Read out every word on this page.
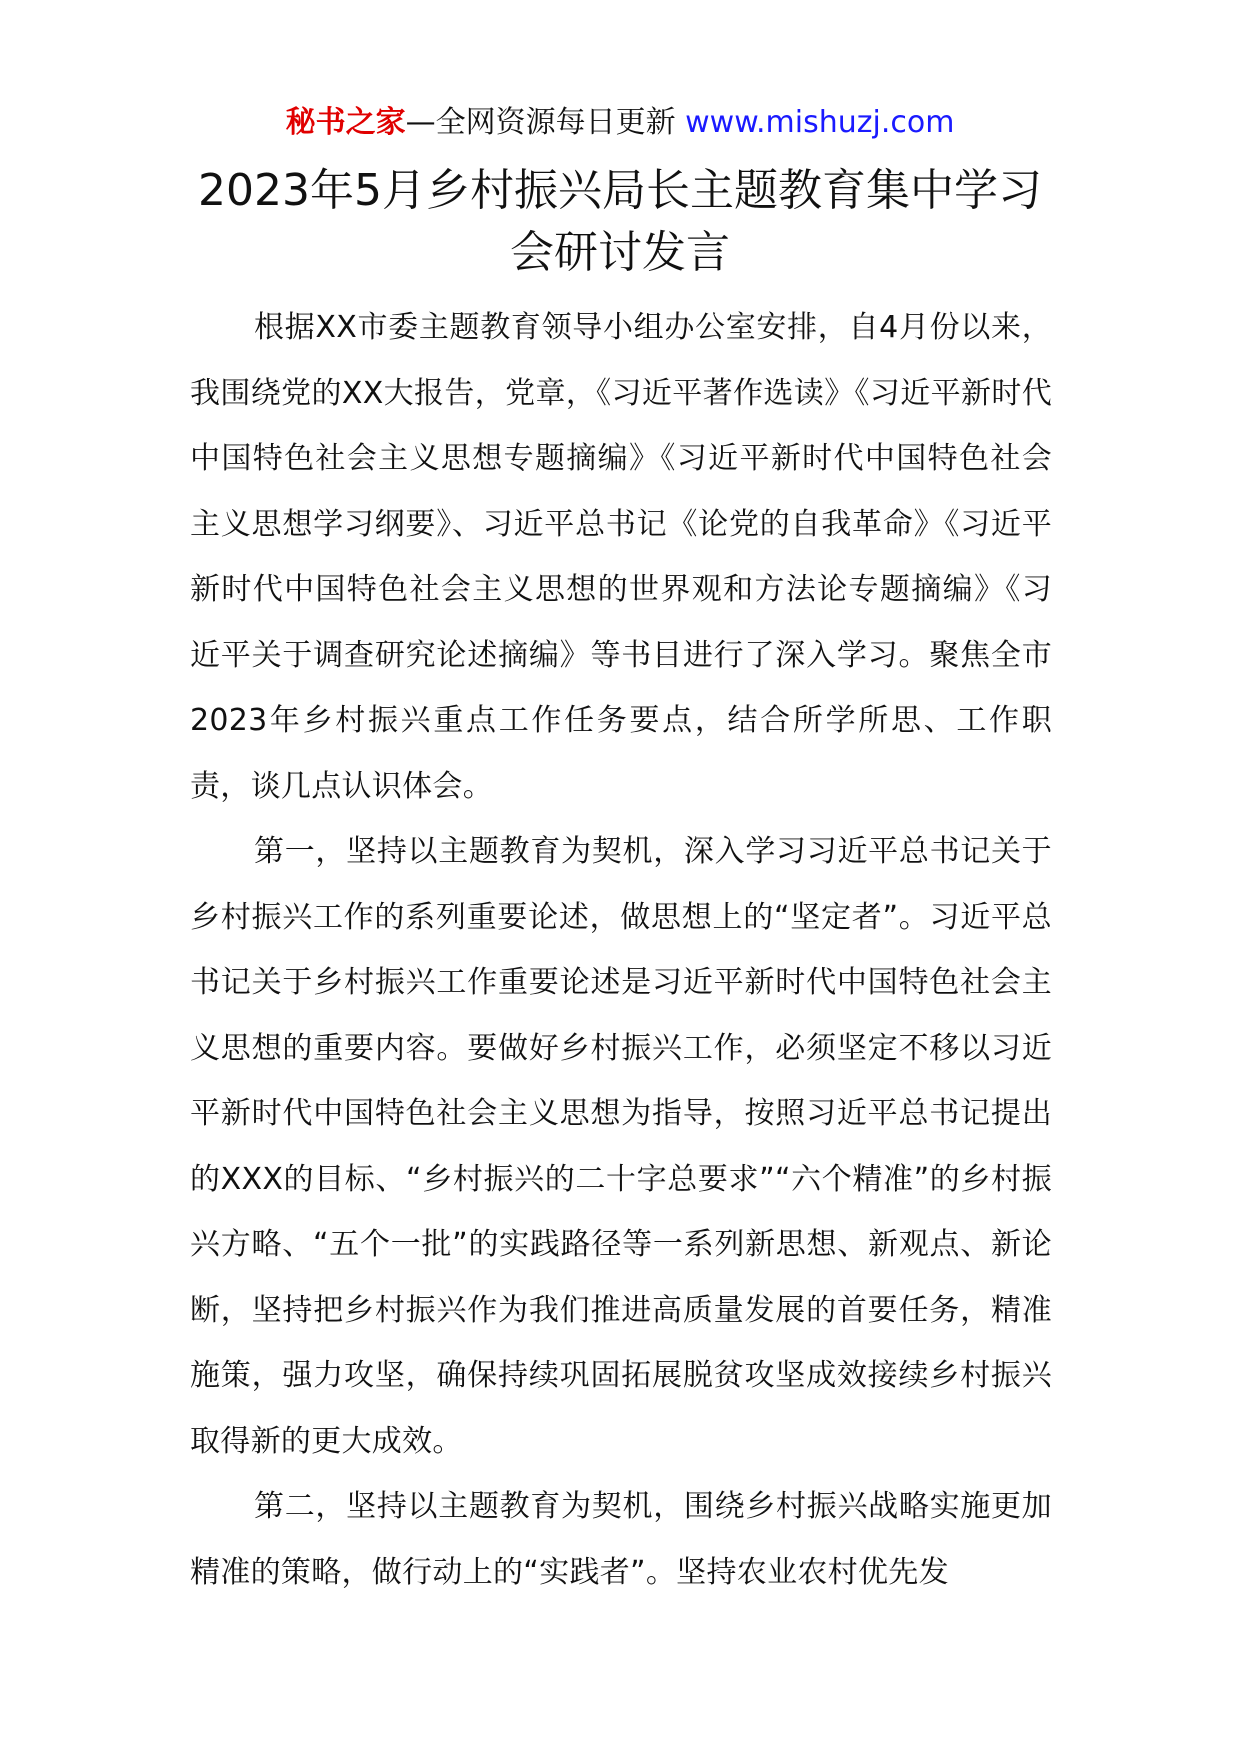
秘书之家—全网资源每日更新 www.mishuzj.com
2023年5月乡村振兴局长主题教育集中学习会研讨发言

根据XX市委主题教育领导小组办公室安排，自4月份以来，我围绕党的XX大报告，党章，《习近平著作选读》《习近平新时代中国特色社会主义思想专题摘编》《习近平新时代中国特色社会主义思想学习纲要》、习近平总书记《论党的自我革命》《习近平新时代中国特色社会主义思想的世界观和方法论专题摘编》《习近平关于调查研究论述摘编》等书目进行了深入学习。聚焦全市2023年乡村振兴重点工作任务要点，结合所学所思、工作职责，谈几点认识体会。

第一，坚持以主题教育为契机，深入学习习近平总书记关于乡村振兴工作的系列重要论述，做思想上的“坚定者”。习近平总书记关于乡村振兴工作重要论述是习近平新时代中国特色社会主义思想的重要内容。要做好乡村振兴工作，必须坚定不移以习近平新时代中国特色社会主义思想为指导，按照习近平总书记提出的XXX的目标、“乡村振兴的二十字总要求”“六个精准”的乡村振兴方略、“五个一批”的实践路径等一系列新思想、新观点、新论断，坚持把乡村振兴作为我们推进高质量发展的首要任务，精准施策，强力攻坚，确保持续巩固拓展脱贫攻坚成效接续乡村振兴取得新的更大成效。

第二，坚持以主题教育为契机，围绕乡村振兴战略实施更加精准的策略，做行动上的“实践者”。坚持农业农村优先发
